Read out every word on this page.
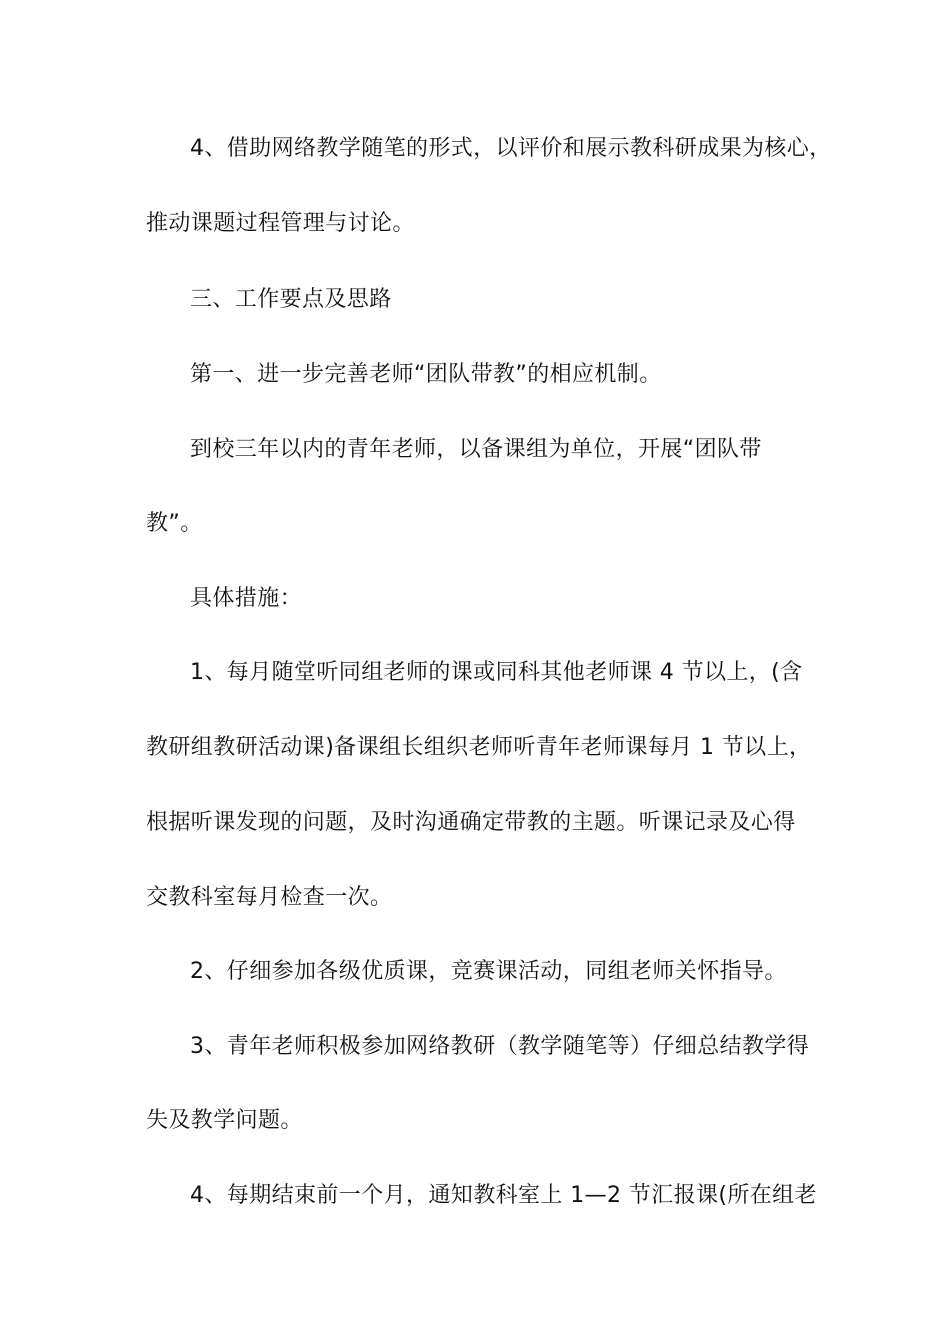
4、借助网络教学随笔的形式，以评价和展示教科研成果为核心，

推动课题过程管理与讨论。

三、工作要点及思路

第一、进一步完善老师“团队带教”的相应机制。

到校三年以内的青年老师，以备课组为单位，开展“团队带

教”。

具体措施：

1、每月随堂听同组老师的课或同科其他老师课 4 节以上，(含

教研组教研活动课)备课组长组织老师听青年老师课每月 1 节以上，

根据听课发现的问题，及时沟通确定带教的主题。听课记录及心得

交教科室每月检查一次。

2、仔细参加各级优质课，竞赛课活动，同组老师关怀指导。

3、青年老师积极参加网络教研（教学随笔等）仔细总结教学得

失及教学问题。

4、每期结束前一个月，通知教科室上 1—2 节汇报课(所在组老
